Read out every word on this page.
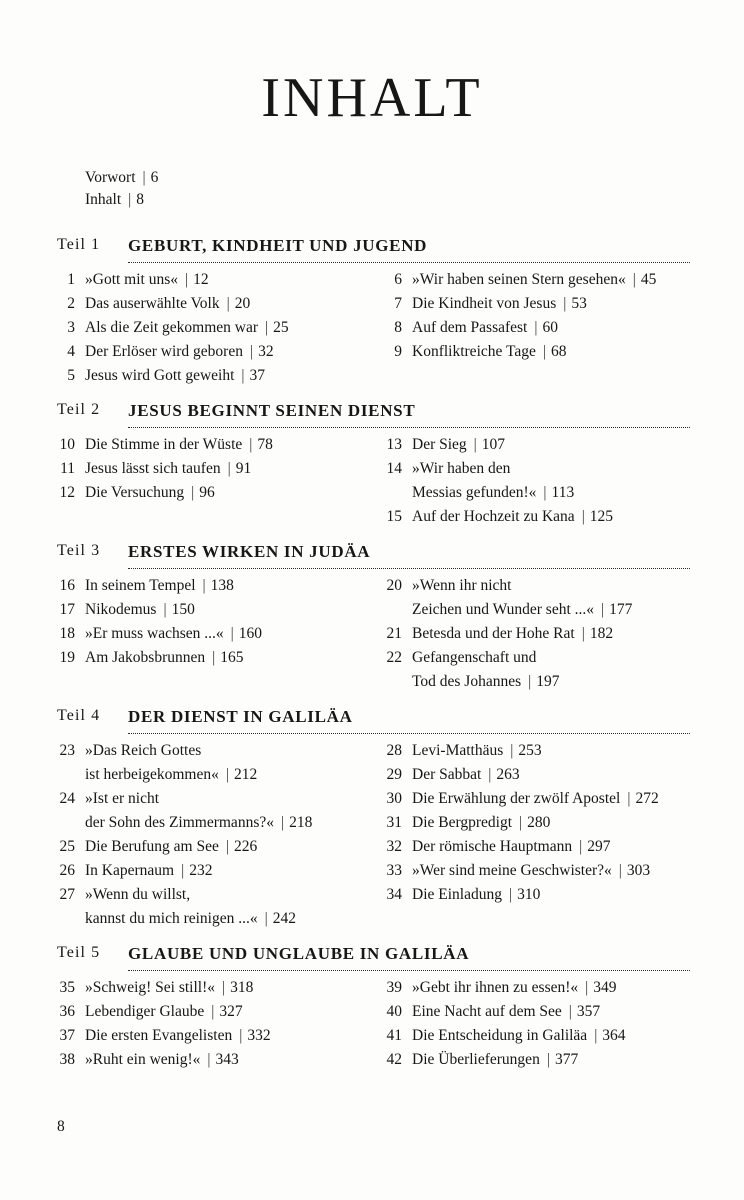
INHALT
Vorwort | 6
Inhalt | 8
Teil 1 GEBURT, KINDHEIT UND JUGEND
1 »Gott mit uns« | 12
2 Das auserwählte Volk | 20
3 Als die Zeit gekommen war | 25
4 Der Erlöser wird geboren | 32
5 Jesus wird Gott geweiht | 37
6 »Wir haben seinen Stern gesehen« | 45
7 Die Kindheit von Jesus | 53
8 Auf dem Passafest | 60
9 Konfliktreiche Tage | 68
Teil 2 JESUS BEGINNT SEINEN DIENST
10 Die Stimme in der Wüste | 78
11 Jesus lässt sich taufen | 91
12 Die Versuchung | 96
13 Der Sieg | 107
14 »Wir haben den
Messias gefunden!« | 113
15 Auf der Hochzeit zu Kana | 125
Teil 3 ERSTES WIRKEN IN JUDÄA
16 In seinem Tempel | 138
17 Nikodemus | 150
18 »Er muss wachsen ...« | 160
19 Am Jakobsbrunnen | 165
20 »Wenn ihr nicht
Zeichen und Wunder seht ...« | 177
21 Betesda und der Hohe Rat | 182
22 Gefangenschaft und
Tod des Johannes | 197
Teil 4 DER DIENST IN GALILÄA
23 »Das Reich Gottes
ist herbeigekommen« | 212
24 »Ist er nicht
der Sohn des Zimmermanns?« | 218
25 Die Berufung am See | 226
26 In Kapernaum | 232
27 »Wenn du willst,
kannst du mich reinigen ...« | 242
28 Levi-Matthäus | 253
29 Der Sabbat | 263
30 Die Erwählung der zwölf Apostel | 272
31 Die Bergpredigt | 280
32 Der römische Hauptmann | 297
33 »Wer sind meine Geschwister?« | 303
34 Die Einladung | 310
Teil 5 GLAUBE UND UNGLAUBE IN GALILÄA
35 »Schweig! Sei still!« | 318
36 Lebendiger Glaube | 327
37 Die ersten Evangelisten | 332
38 »Ruht ein wenig!« | 343
39 »Gebt ihr ihnen zu essen!« | 349
40 Eine Nacht auf dem See | 357
41 Die Entscheidung in Galiläa | 364
42 Die Überlieferungen | 377
8
